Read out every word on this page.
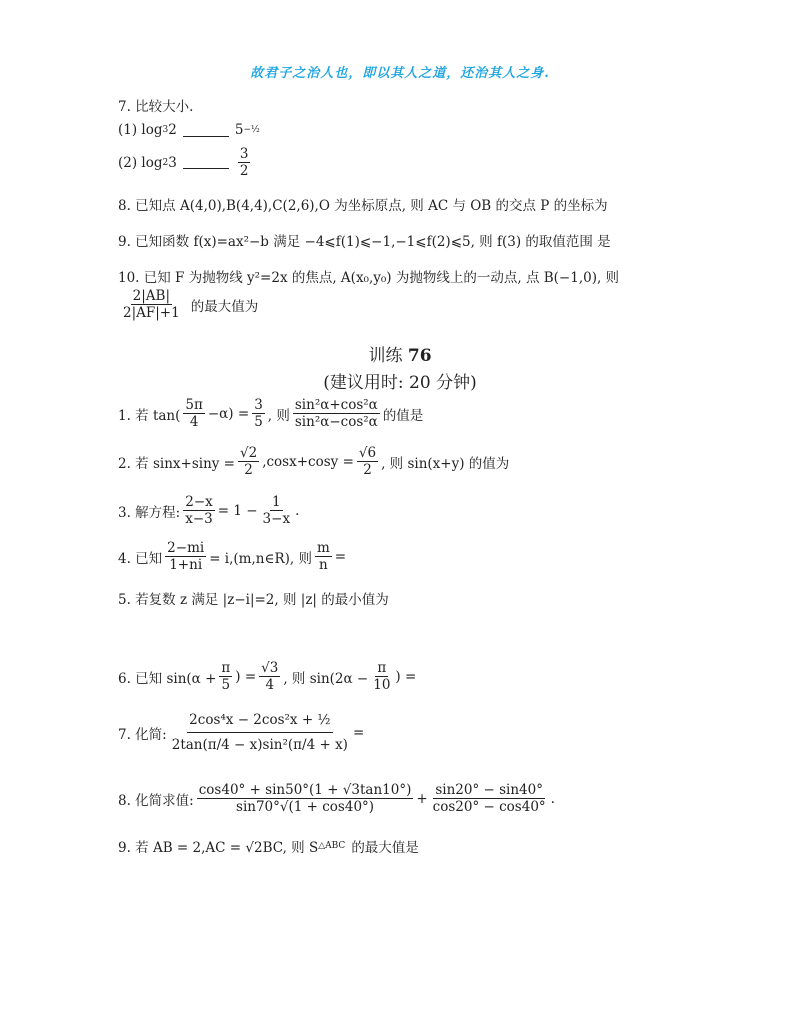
故君子之治人也，即以其人之道，还治其人之身.
7. 比较大小.
(1) log 3 2	5 −½
(2) log 2 3	$\frac{3}{2}$
8. 已知点 A(4,0),B(4,4),C(2,6),O 为坐标原点, 则 AC 与 OB 的交点 P 的坐标为
9. 已知函数 f(x)=ax²−b 满足 −4⩽f(1)⩽−1,−1⩽f(2)⩽5, 则 f(3) 的取值范围 是
10. 已知 F 为抛物线 y²=2x 的焦点, A(x₀,y₀) 为抛物线上的一动点, 点 B(−1,0), 则
$\frac{2|AB|}{2|AF|+1}$ 的最大值为
训练 76
(建议用时: 20 分钟)
1. 若 $\tan( \frac{5\pi}{4} -\alpha) = \frac{3}{5}$ , 则 $\frac{\text{sin²α+cos²α}}{\text{sin²α−cos²α}}$ 的值是
2. 若 $\sin x+\sin y = \frac{√2}{2} ,\cos x+\cos y = \frac{√6}{2}$ , 则 sin(x+y) 的值为
3. 解方程: $\frac{2-x}{x-3} = 1 - \frac{1}{3-x}$ .
4. 已知 $\frac{2-mi}{1+ni}$ = i,(m,n∈R), 则 $\frac{m}{n}$ =
5. 若复数 z 满足 |z−i|=2, 则 |z| 的最小值为
6. 已知 $\sin(\alpha + \frac{\pi}{5}$ ) = $\frac{√3}{4}$ , 则 $\sin(2\alpha - \frac{\pi}{10}$ ) =
7. 化简: $\frac{\text{2cos⁴x − 2cos²x + ½}}{\text{2tan(π/4 − x)sin²(π/4 + x)}}$ =
8. 化简求值: $\frac{\cos 40^\circ + \sin 50^\circ(1 + √3\tan 10^\circ)}{\sin 70^\circ√(1 + \cos 40^\circ)} + \frac{\sin 20^\circ - \sin 40^\circ}{\cos 20^\circ - \cos 40^\circ}$ .
9. 若 AB = 2,AC = √2BC, 则 S △ABC 的最大值是
